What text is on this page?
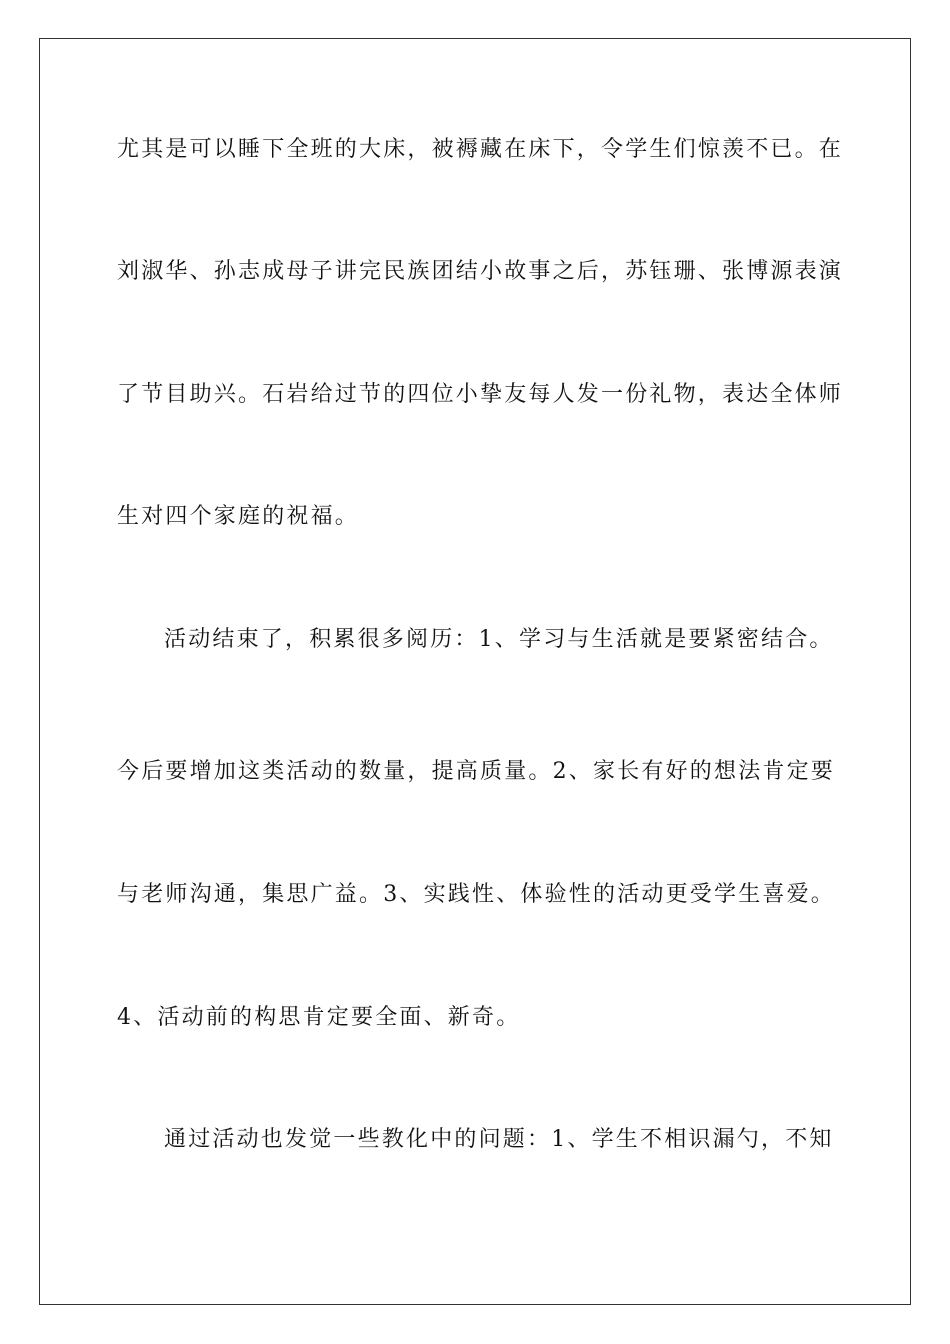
尤其是可以睡下全班的大床，被褥藏在床下，令学生们惊羡不已。在
刘淑华、孙志成母子讲完民族团结小故事之后，苏钰珊、张博源表演
了节目助兴。石岩给过节的四位小挚友每人发一份礼物，表达全体师
生对四个家庭的祝福。
活动结束了，积累很多阅历：1、学习与生活就是要紧密结合。
今后要增加这类活动的数量，提高质量。2、家长有好的想法肯定要
与老师沟通，集思广益。3、实践性、体验性的活动更受学生喜爱。
4、活动前的构思肯定要全面、新奇。
通过活动也发觉一些教化中的问题：1、学生不相识漏勺，不知
